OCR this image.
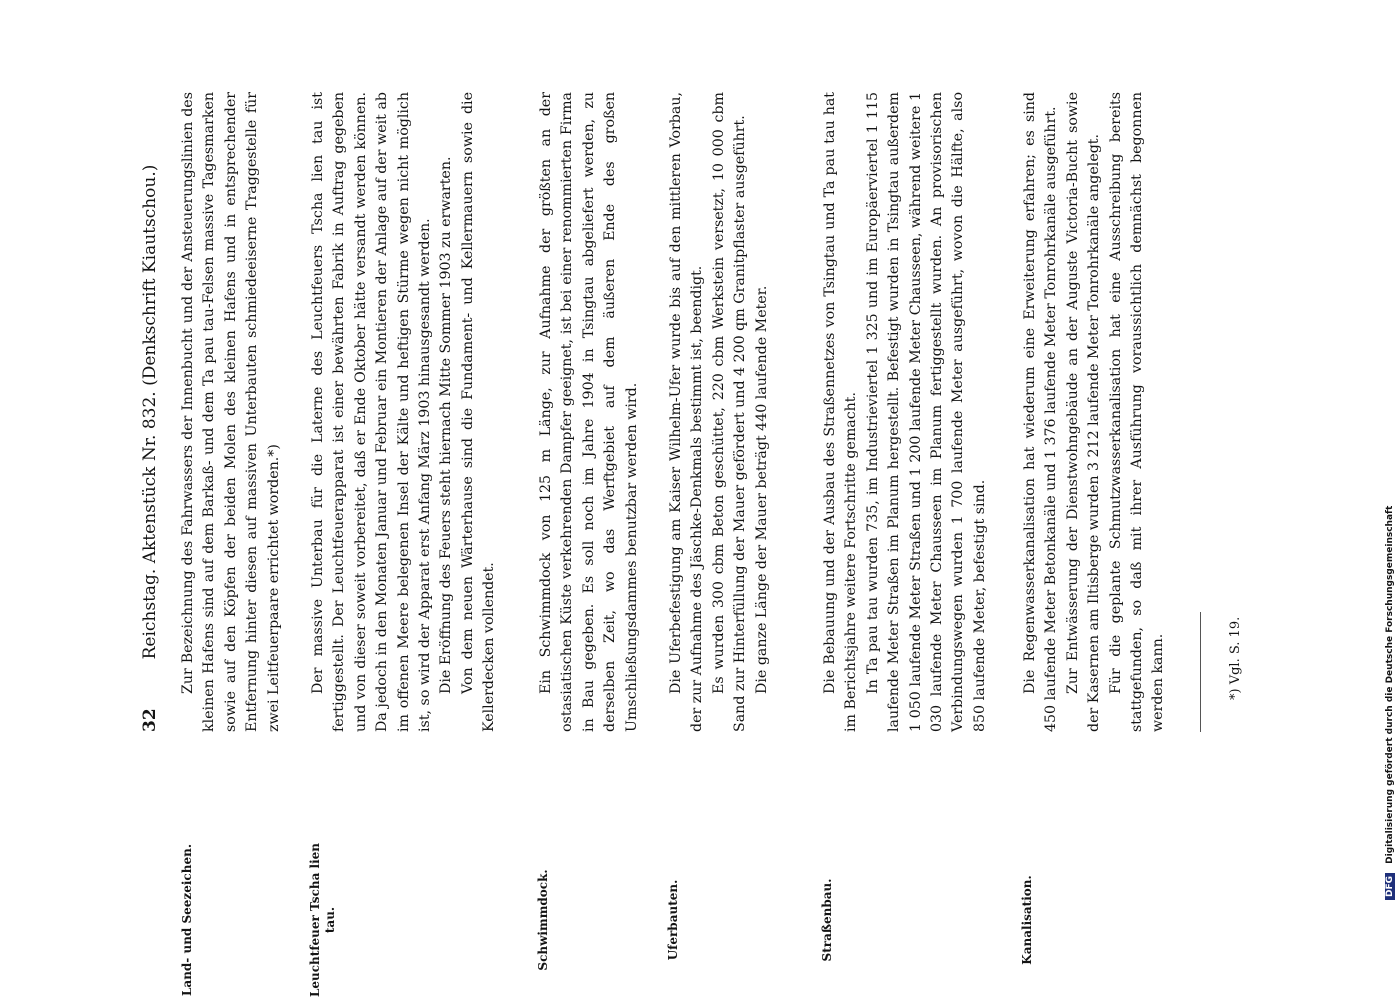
32
Reichstag. Aktenstück Nr. 832. (Denkschrift Kiautschou.)
Land- und Seezeichen.

Zur Bezeichnung des Fahrwassers der Innenbucht und der Ansteuerungslinien des kleinen Hafens sind auf dem Barkaß- und dem Ta pau tau-Felsen massive Tagesmarken sowie auf den Köpfen der beiden Molen des kleinen Hafens und in entsprechender Entfernung hinter diesen auf massiven Unterbauten schmiedeeiserne Traggestelle für zwei Leitfeuerpaare errichtet worden.*)

Leuchtfeuer Tscha lien tau.

Der massive Unterbau für die Laterne des Leuchtfeuers Tscha lien tau ist fertiggestellt. Der Leuchtfeuerapparat ist einer bewährten Fabrik in Auftrag gegeben und von dieser soweit vorbereitet, daß er Ende Oktober hätte versandt werden können. Da jedoch in den Monaten Januar und Februar ein Montieren der Anlage auf der weit ab im offenen Meere belegenen Insel der Kälte und heftigen Stürme wegen nicht möglich ist, so wird der Apparat erst Anfang März 1903 hinausgesandt werden. Die Eröffnung des Feuers steht hiernach Mitte Sommer 1903 zu erwarten. Von dem neuen Wärterhause sind die Fundament- und Kellermauern sowie die Kellerdecken vollendet.

Schwimmdock.

Ein Schwimmdock von 125 m Länge, zur Aufnahme der größten an der ostasiatischen Küste verkehrenden Dampfer geeignet, ist bei einer renommierten Firma in Bau gegeben. Es soll noch im Jahre 1904 in Tsingtau abgeliefert werden, zu derselben Zeit, wo das Werftgebiet auf dem äußeren Ende des großen Umschließungsdammes benutzbar werden wird.

Uferbauten.

Die Uferbefestigung am Kaiser Wilhelm-Ufer wurde bis auf den mittleren Vorbau, der zur Aufnahme des Jäschke-Denkmals bestimmt ist, beendigt. Es wurden 300 cbm Beton geschüttet, 220 cbm Werkstein versetzt, 10 000 cbm Sand zur Hinterfüllung der Mauer gefördert und 4 200 qm Granitpflaster ausgeführt. Die ganze Länge der Mauer beträgt 440 laufende Meter.

Straßenbau.

Die Bebauung und der Ausbau des Straßennetzes von Tsingtau und Ta pau tau hat im Berichtsjahre weitere Fortschritte gemacht. In Ta pau tau wurden 735, im Industrieviertel 1 325 und im Europäerviertel 1 115 laufende Meter Straßen im Planum hergestellt. Befestigt wurden in Tsingtau außerdem 1 050 laufende Meter Straßen und 1 200 laufende Meter Chausseen, während weitere 1 030 laufende Meter Chausseen im Planum fertiggestellt wurden. An provisorischen Verbindungswegen wurden 1 700 laufende Meter ausgeführt, wovon die Hälfte, also 850 laufende Meter, befestigt sind.

Kanalisation.

Die Regenwasserkanalisation hat wiederum eine Erweiterung erfahren; es sind 450 laufende Meter Betonkanäle und 1 376 laufende Meter Tonrohrkanäle ausgeführt. Zur Entwässerung der Dienstwohngebäude an der Auguste Victoria-Bucht sowie der Kasernen am Iltisberge wurden 3 212 laufende Meter Tonrohrkanäle angelegt. Für die geplante Schmutzwasserkanalisation hat eine Ausschreibung bereits stattgefunden, so daß mit ihrer Ausführung voraussichtlich demnächst begonnen werden kann.	*) Vgl. S. 19.
DFG Digitalisierung gefördert durch die Deutsche Forschungsgemeinschaft
